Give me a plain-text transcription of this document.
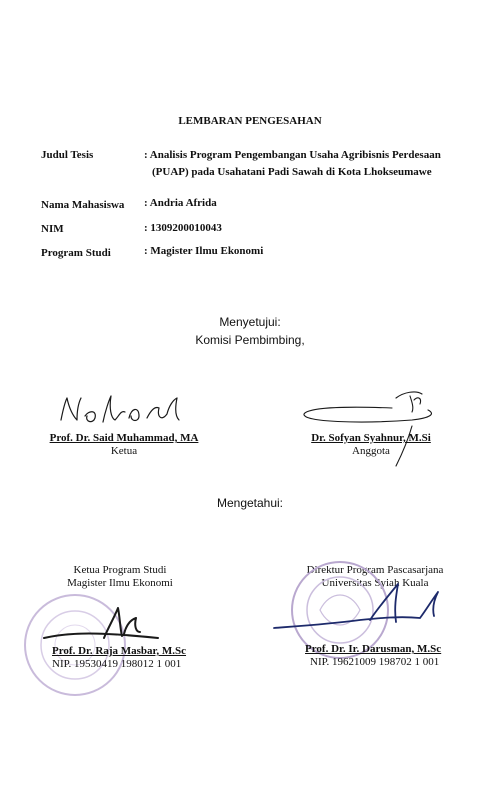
LEMBARAN PENGESAHAN
Judul Tesis	: Analisis Program Pengembangan Usaha Agribisnis Perdesaan
(PUAP) pada Usahatani Padi Sawah di Kota Lhokseumawe
Nama Mahasiswa : Andria Afrida
NIM	: 1309200010043
Program Studi	: Magister Ilmu Ekonomi
Menyetujui:
Komisi Pembimbing,
Prof. Dr. Said Muhammad, MA
Ketua
Dr. Sofyan Syahnur, M.Si
Anggota
Mengetahui:
Ketua Program Studi
Magister Ilmu Ekonomi
Prof. Dr. Raja Masbar, M.Sc
NIP. 19530419 198012 1 001
Direktur Program Pascasarjana
Universitas Syiah Kuala
Prof. Dr. Ir. Darusman, M.Sc
NIP. 19621009 198702 1 001
